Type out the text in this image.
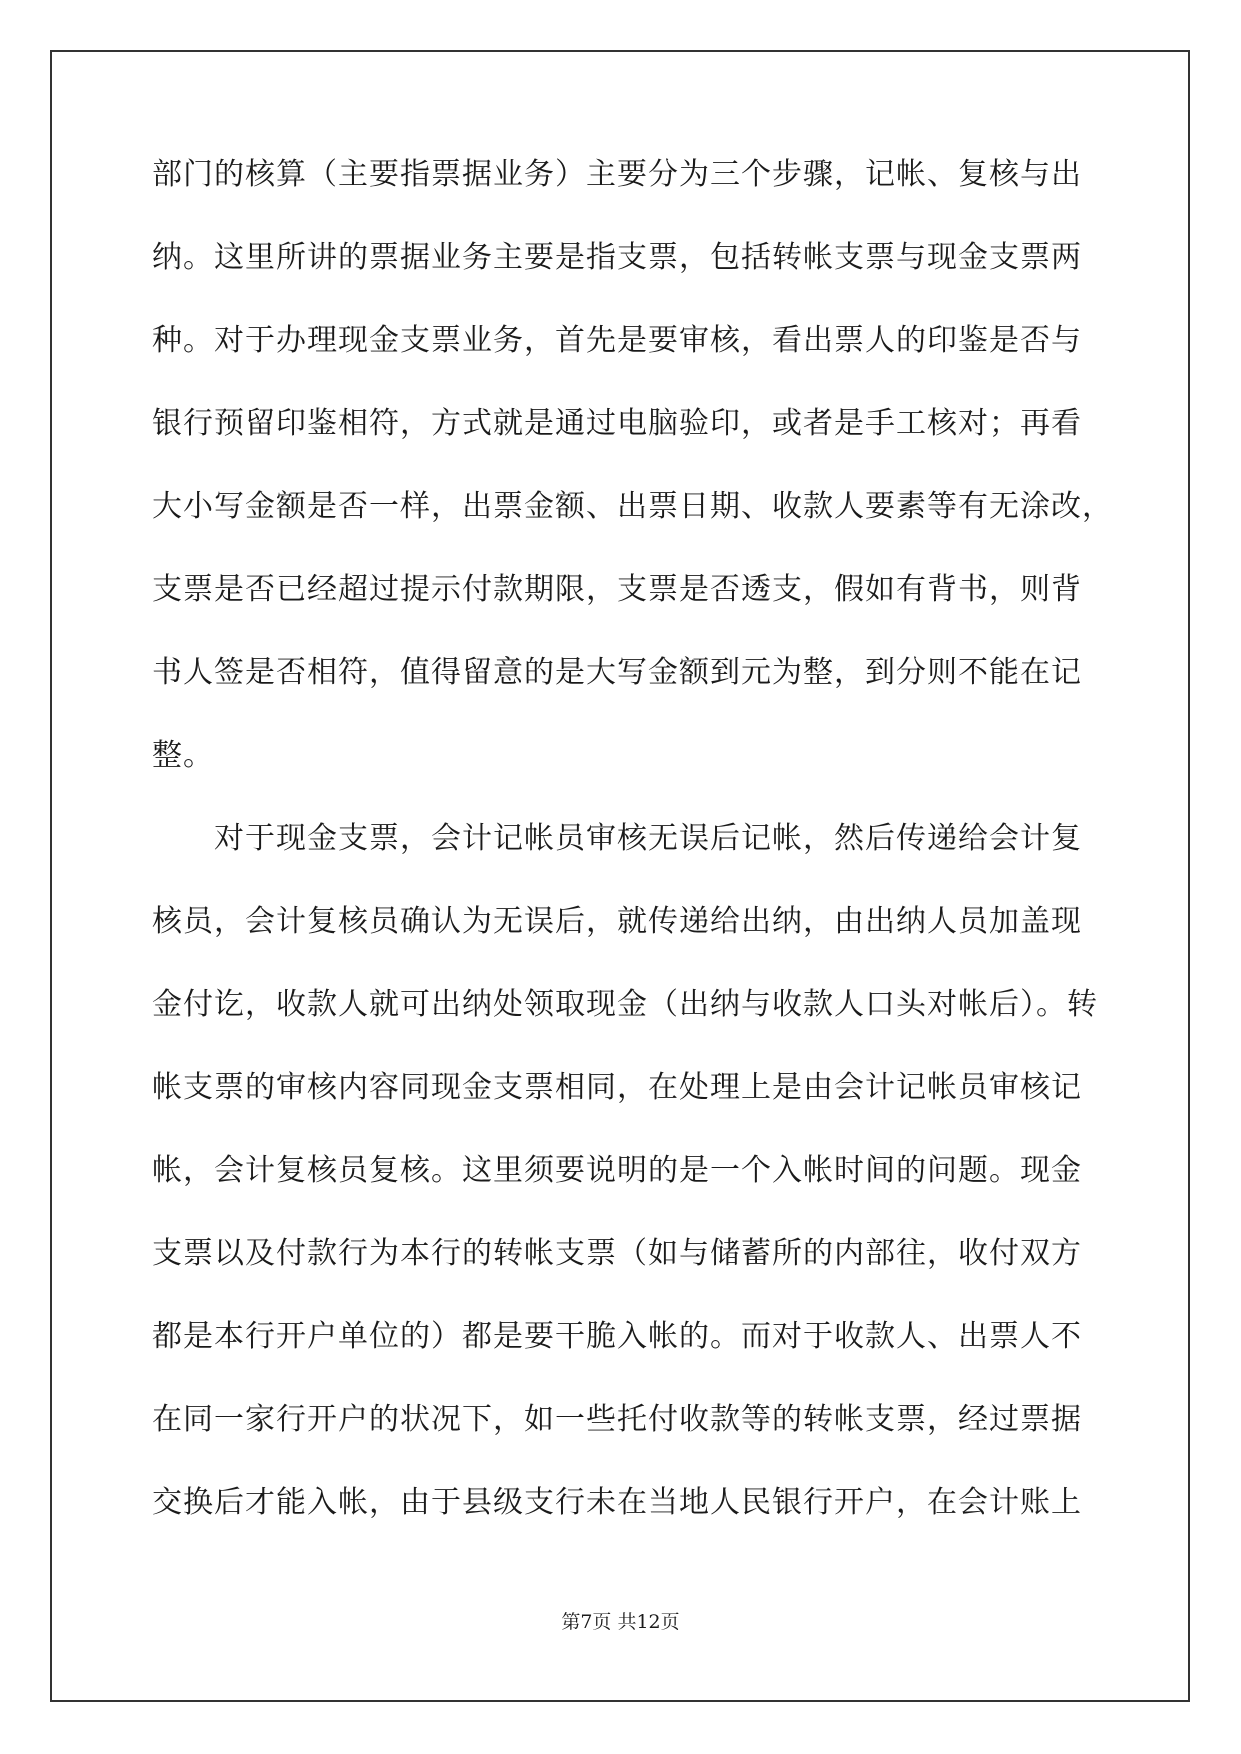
部门的核算（主要指票据业务）主要分为三个步骤，记帐、复核与出
纳。这里所讲的票据业务主要是指支票，包括转帐支票与现金支票两
种。对于办理现金支票业务，首先是要审核，看出票人的印鉴是否与
银行预留印鉴相符，方式就是通过电脑验印，或者是手工核对；再看
大小写金额是否一样，出票金额、出票日期、收款人要素等有无涂改，
支票是否已经超过提示付款期限，支票是否透支，假如有背书，则背
书人签是否相符，值得留意的是大写金额到元为整，到分则不能在记
整。
对于现金支票，会计记帐员审核无误后记帐，然后传递给会计复
核员，会计复核员确认为无误后，就传递给出纳，由出纳人员加盖现
金付讫，收款人就可出纳处领取现金（出纳与收款人口头对帐后）。转
帐支票的审核内容同现金支票相同，在处理上是由会计记帐员审核记
帐，会计复核员复核。这里须要说明的是一个入帐时间的问题。现金
支票以及付款行为本行的转帐支票（如与储蓄所的内部往，收付双方
都是本行开户单位的）都是要干脆入帐的。而对于收款人、出票人不
在同一家行开户的状况下，如一些托付收款等的转帐支票，经过票据
交换后才能入帐，由于县级支行未在当地人民银行开户，在会计账上
第7页 共12页
